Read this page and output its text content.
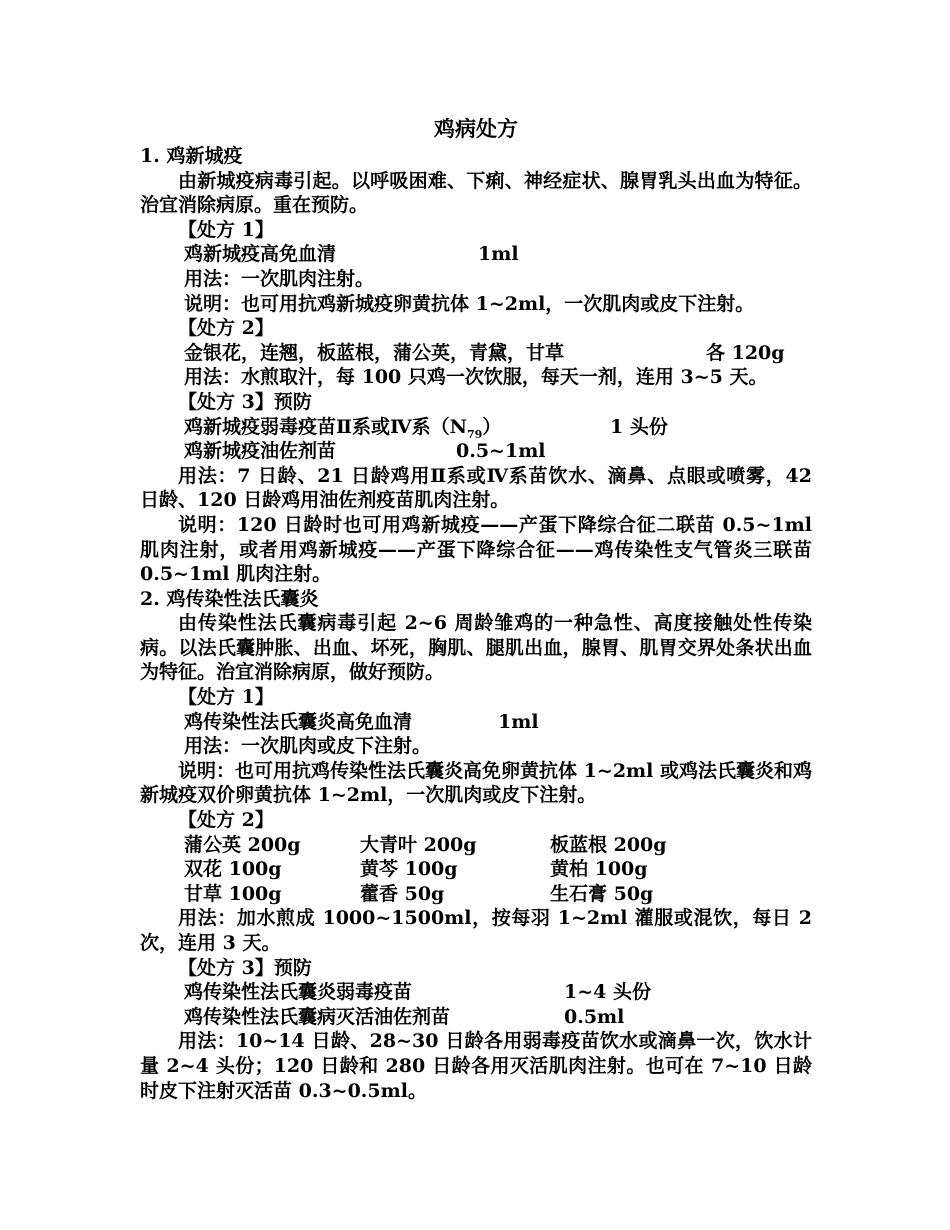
鸡病处方
1. 鸡新城疫
由新城疫病毒引起。以呼吸困难、下痢、神经症状、腺胃乳头出血为特征。治宜消除病原。重在预防。
【处方 1】
鸡新城疫高免血清	1ml
用法：一次肌肉注射。
说明：也可用抗鸡新城疫卵黄抗体 1~2ml，一次肌肉或皮下注射。
【处方 2】
金银花，连翘，板蓝根，蒲公英，青黛，甘草	各 120g
用法：水煎取汁，每 100 只鸡一次饮服，每天一剂，连用 3~5 天。
【处方 3】预防
鸡新城疫弱毒疫苗Ⅱ系或Ⅳ系$(N_{79})$	1 头份
鸡新城疫油佐剂苗	0.5~1ml
用法：7 日龄、21 日龄鸡用Ⅱ系或Ⅳ系苗饮水、滴鼻、点眼或喷雾，42 日龄、120 日龄鸡用油佐剂疫苗肌肉注射。
说明：120 日龄时也可用鸡新城疫——产蛋下降综合征二联苗 0.5~1ml 肌肉注射，或者用鸡新城疫——产蛋下降综合征——鸡传染性支气管炎三联苗 0.5~1ml 肌肉注射。
2. 鸡传染性法氏囊炎
由传染性法氏囊病毒引起 2~6 周龄雏鸡的一种急性、高度接触处性传染病。以法氏囊肿胀、出血、坏死，胸肌、腿肌出血，腺胃、肌胃交界处条状出血为特征。治宜消除病原，做好预防。
【处方 1】
鸡传染性法氏囊炎高免血清	1ml
用法：一次肌肉或皮下注射。
说明：也可用抗鸡传染性法氏囊炎高免卵黄抗体 1~2ml 或鸡法氏囊炎和鸡新城疫双价卵黄抗体 1~2ml，一次肌肉或皮下注射。
【处方 2】
蒲公英 200g	大青叶 200g	板蓝根 200g
双花 100g	黄芩 100g	黄柏 100g
甘草 100g	藿香 50g	生石膏 50g
用法：加水煎成 1000~1500ml，按每羽 1~2ml 灌服或混饮，每日 2 次，连用 3 天。
【处方 3】预防
鸡传染性法氏囊炎弱毒疫苗	1~4 头份
鸡传染性法氏囊病灭活油佐剂苗	0.5ml
用法：10~14 日龄、28~30 日龄各用弱毒疫苗饮水或滴鼻一次，饮水计量 2~4 头份；120 日龄和 280 日龄各用灭活肌肉注射。也可在 7~10 日龄时皮下注射灭活苗 0.3~0.5ml。
